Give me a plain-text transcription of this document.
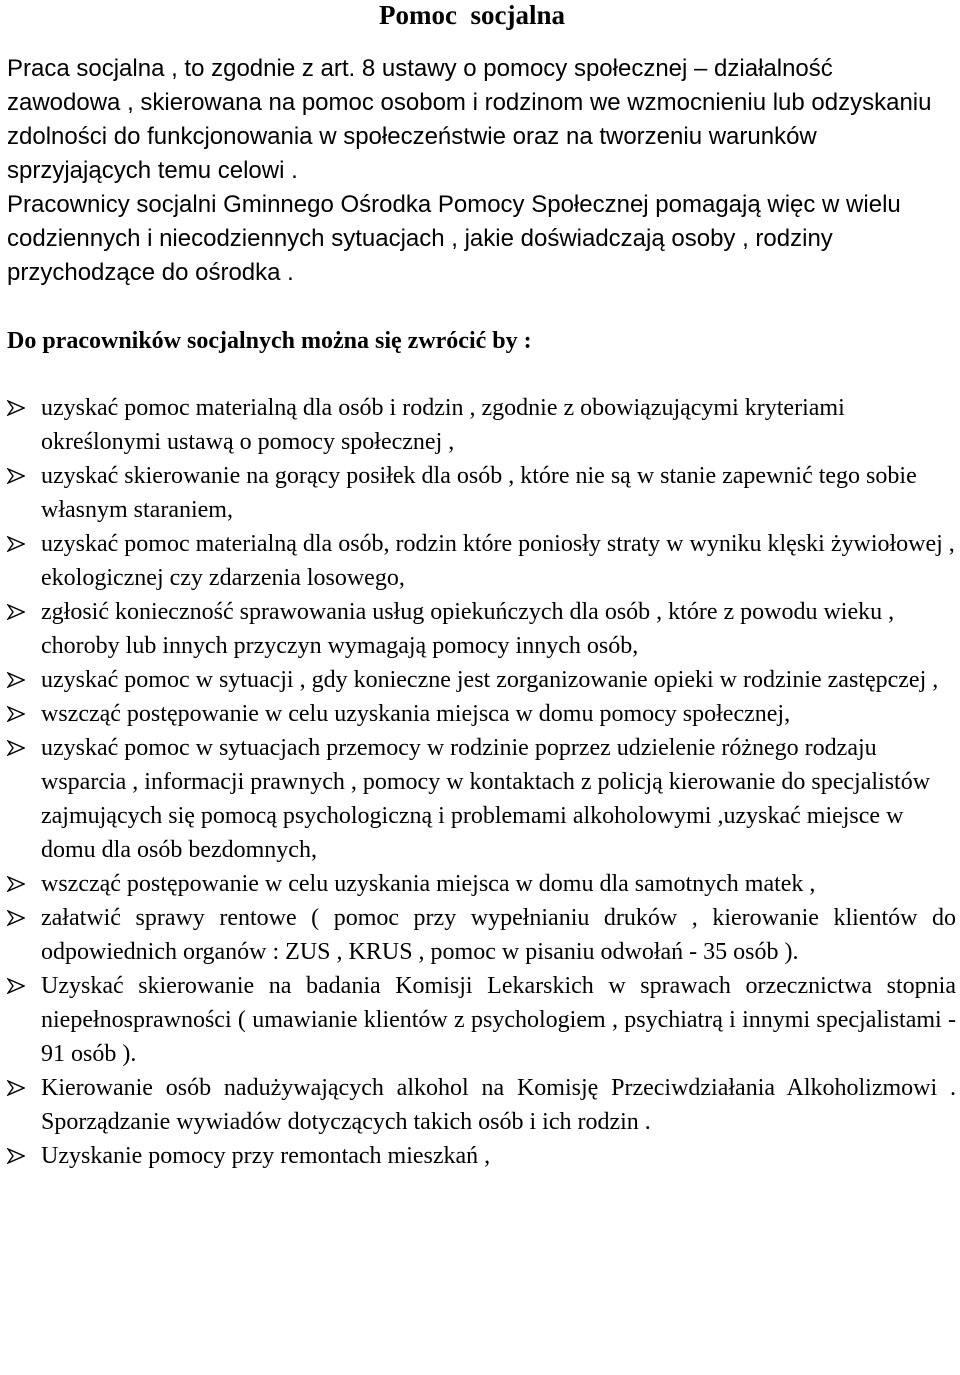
Pomoc  socjalna

Praca socjalna , to zgodnie z art. 8 ustawy o pomocy społecznej – działalność zawodowa , skierowana na pomoc osobom i rodzinom we wzmocnieniu lub odzyskaniu zdolności do funkcjonowania w społeczeństwie oraz na tworzeniu warunków sprzyjających temu celowi .

Pracownicy socjalni Gminnego Ośrodka Pomocy Społecznej pomagają więc w wielu codziennych i niecodziennych sytuacjach , jakie doświadczają osoby , rodziny przychodzące do ośrodka .

Do pracowników socjalnych można się zwrócić by :
uzyskać pomoc materialną dla osób i rodzin , zgodnie z obowiązującymi kryteriami określonymi ustawą o pomocy społecznej ,
uzyskać skierowanie na gorący posiłek dla osób , które nie są w stanie zapewnić tego sobie własnym staraniem,
uzyskać pomoc materialną dla osób, rodzin które poniosły straty w wyniku klęski żywiołowej , ekologicznej czy zdarzenia losowego,
zgłosić konieczność sprawowania usług opiekuńczych dla osób , które z powodu wieku , choroby lub innych przyczyn wymagają pomocy innych osób,
uzyskać pomoc w sytuacji , gdy konieczne jest zorganizowanie opieki w rodzinie zastępczej ,
wszcząć postępowanie w celu uzyskania miejsca w domu pomocy społecznej,
uzyskać pomoc w sytuacjach przemocy w rodzinie poprzez udzielenie różnego rodzaju wsparcia , informacji prawnych , pomocy w kontaktach z policją kierowanie do specjalistów zajmujących się pomocą psychologiczną i problemami alkoholowymi ,uzyskać miejsce w domu dla osób bezdomnych,
wszcząć postępowanie w celu uzyskania miejsca w domu dla samotnych matek ,
załatwić sprawy rentowe ( pomoc przy wypełnianiu druków , kierowanie klientów do odpowiednich organów : ZUS , KRUS , pomoc w pisaniu odwołań - 35 osób ).
Uzyskać skierowanie na badania Komisji Lekarskich w sprawach orzecznictwa stopnia niepełnosprawności ( umawianie klientów z psychologiem , psychiatrą i innymi specjalistami - 91 osób ).
Kierowanie osób nadużywających alkohol na Komisję Przeciwdziałania Alkoholizmowi . Sporządzanie wywiadów dotyczących takich osób i ich rodzin .
Uzyskanie pomocy przy remontach mieszkań ,
